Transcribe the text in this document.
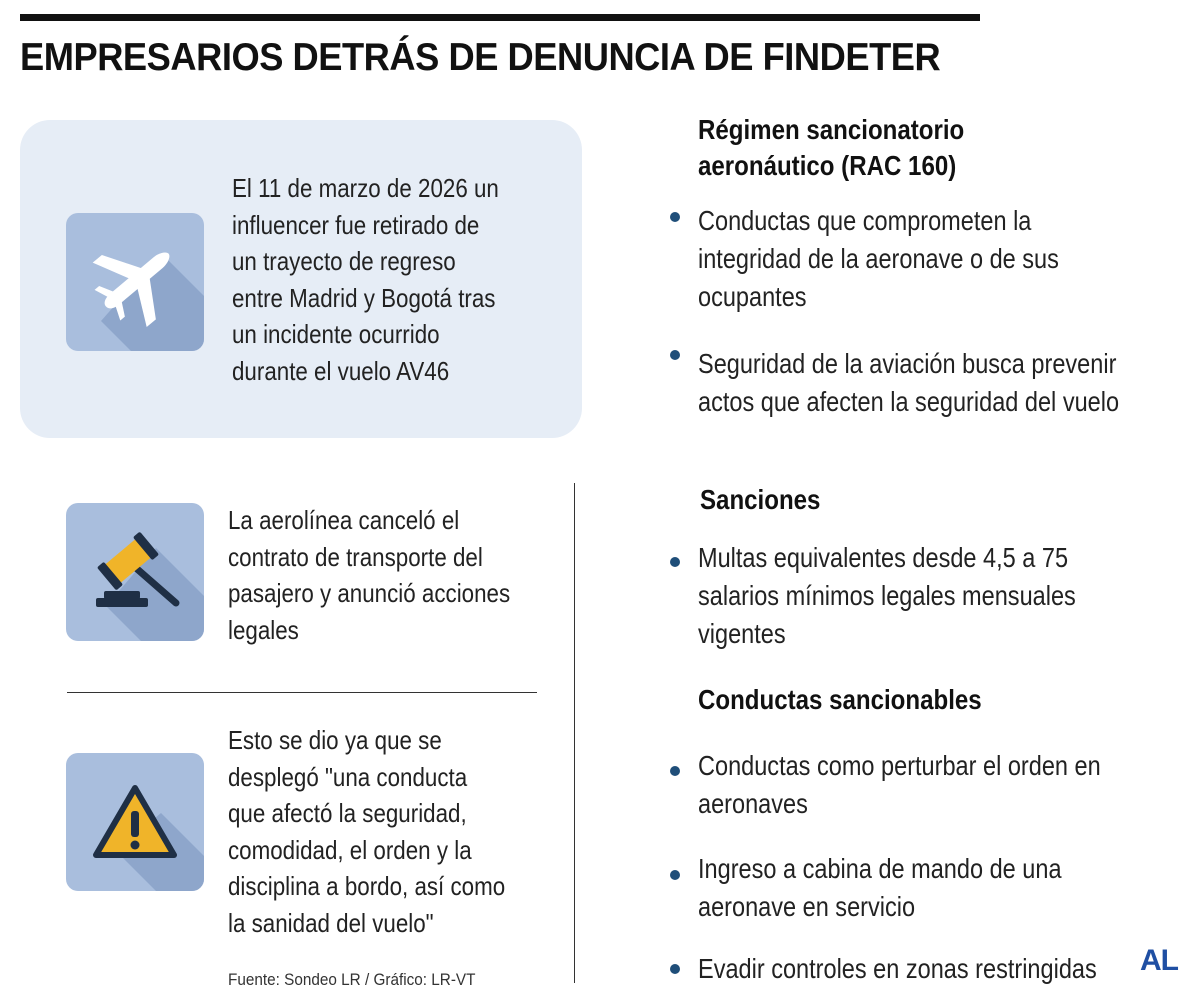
EMPRESARIOS DETRÁS DE DENUNCIA DE FINDETER
El 11 de marzo de 2026 un
influencer fue retirado de
un trayecto de regreso
entre Madrid y Bogotá tras
un incidente ocurrido
durante el vuelo AV46
La aerolínea canceló el
contrato de transporte del
pasajero y anunció acciones
legales
Esto se dio ya que se
desplegó "una conducta
que afectó la seguridad,
comodidad, el orden y la
disciplina a bordo, así como
la sanidad del vuelo"

Fuente: Sondeo LR / Gráfico: LR-VT

Régimen sancionatorio
aeronáutico (RAC 160)
Conductas que comprometen la
integridad de la aeronave o de sus
ocupantes
Seguridad de la aviación busca prevenir
actos que afecten la seguridad del vuelo
Sanciones
Multas equivalentes desde 4,5 a 75
salarios mínimos legales mensuales
vigentes
Conductas sancionables
Conductas como perturbar el orden en
aeronaves
Ingreso a cabina de mando de una
aeronave en servicio
Evadir controles en zonas restringidas AL
